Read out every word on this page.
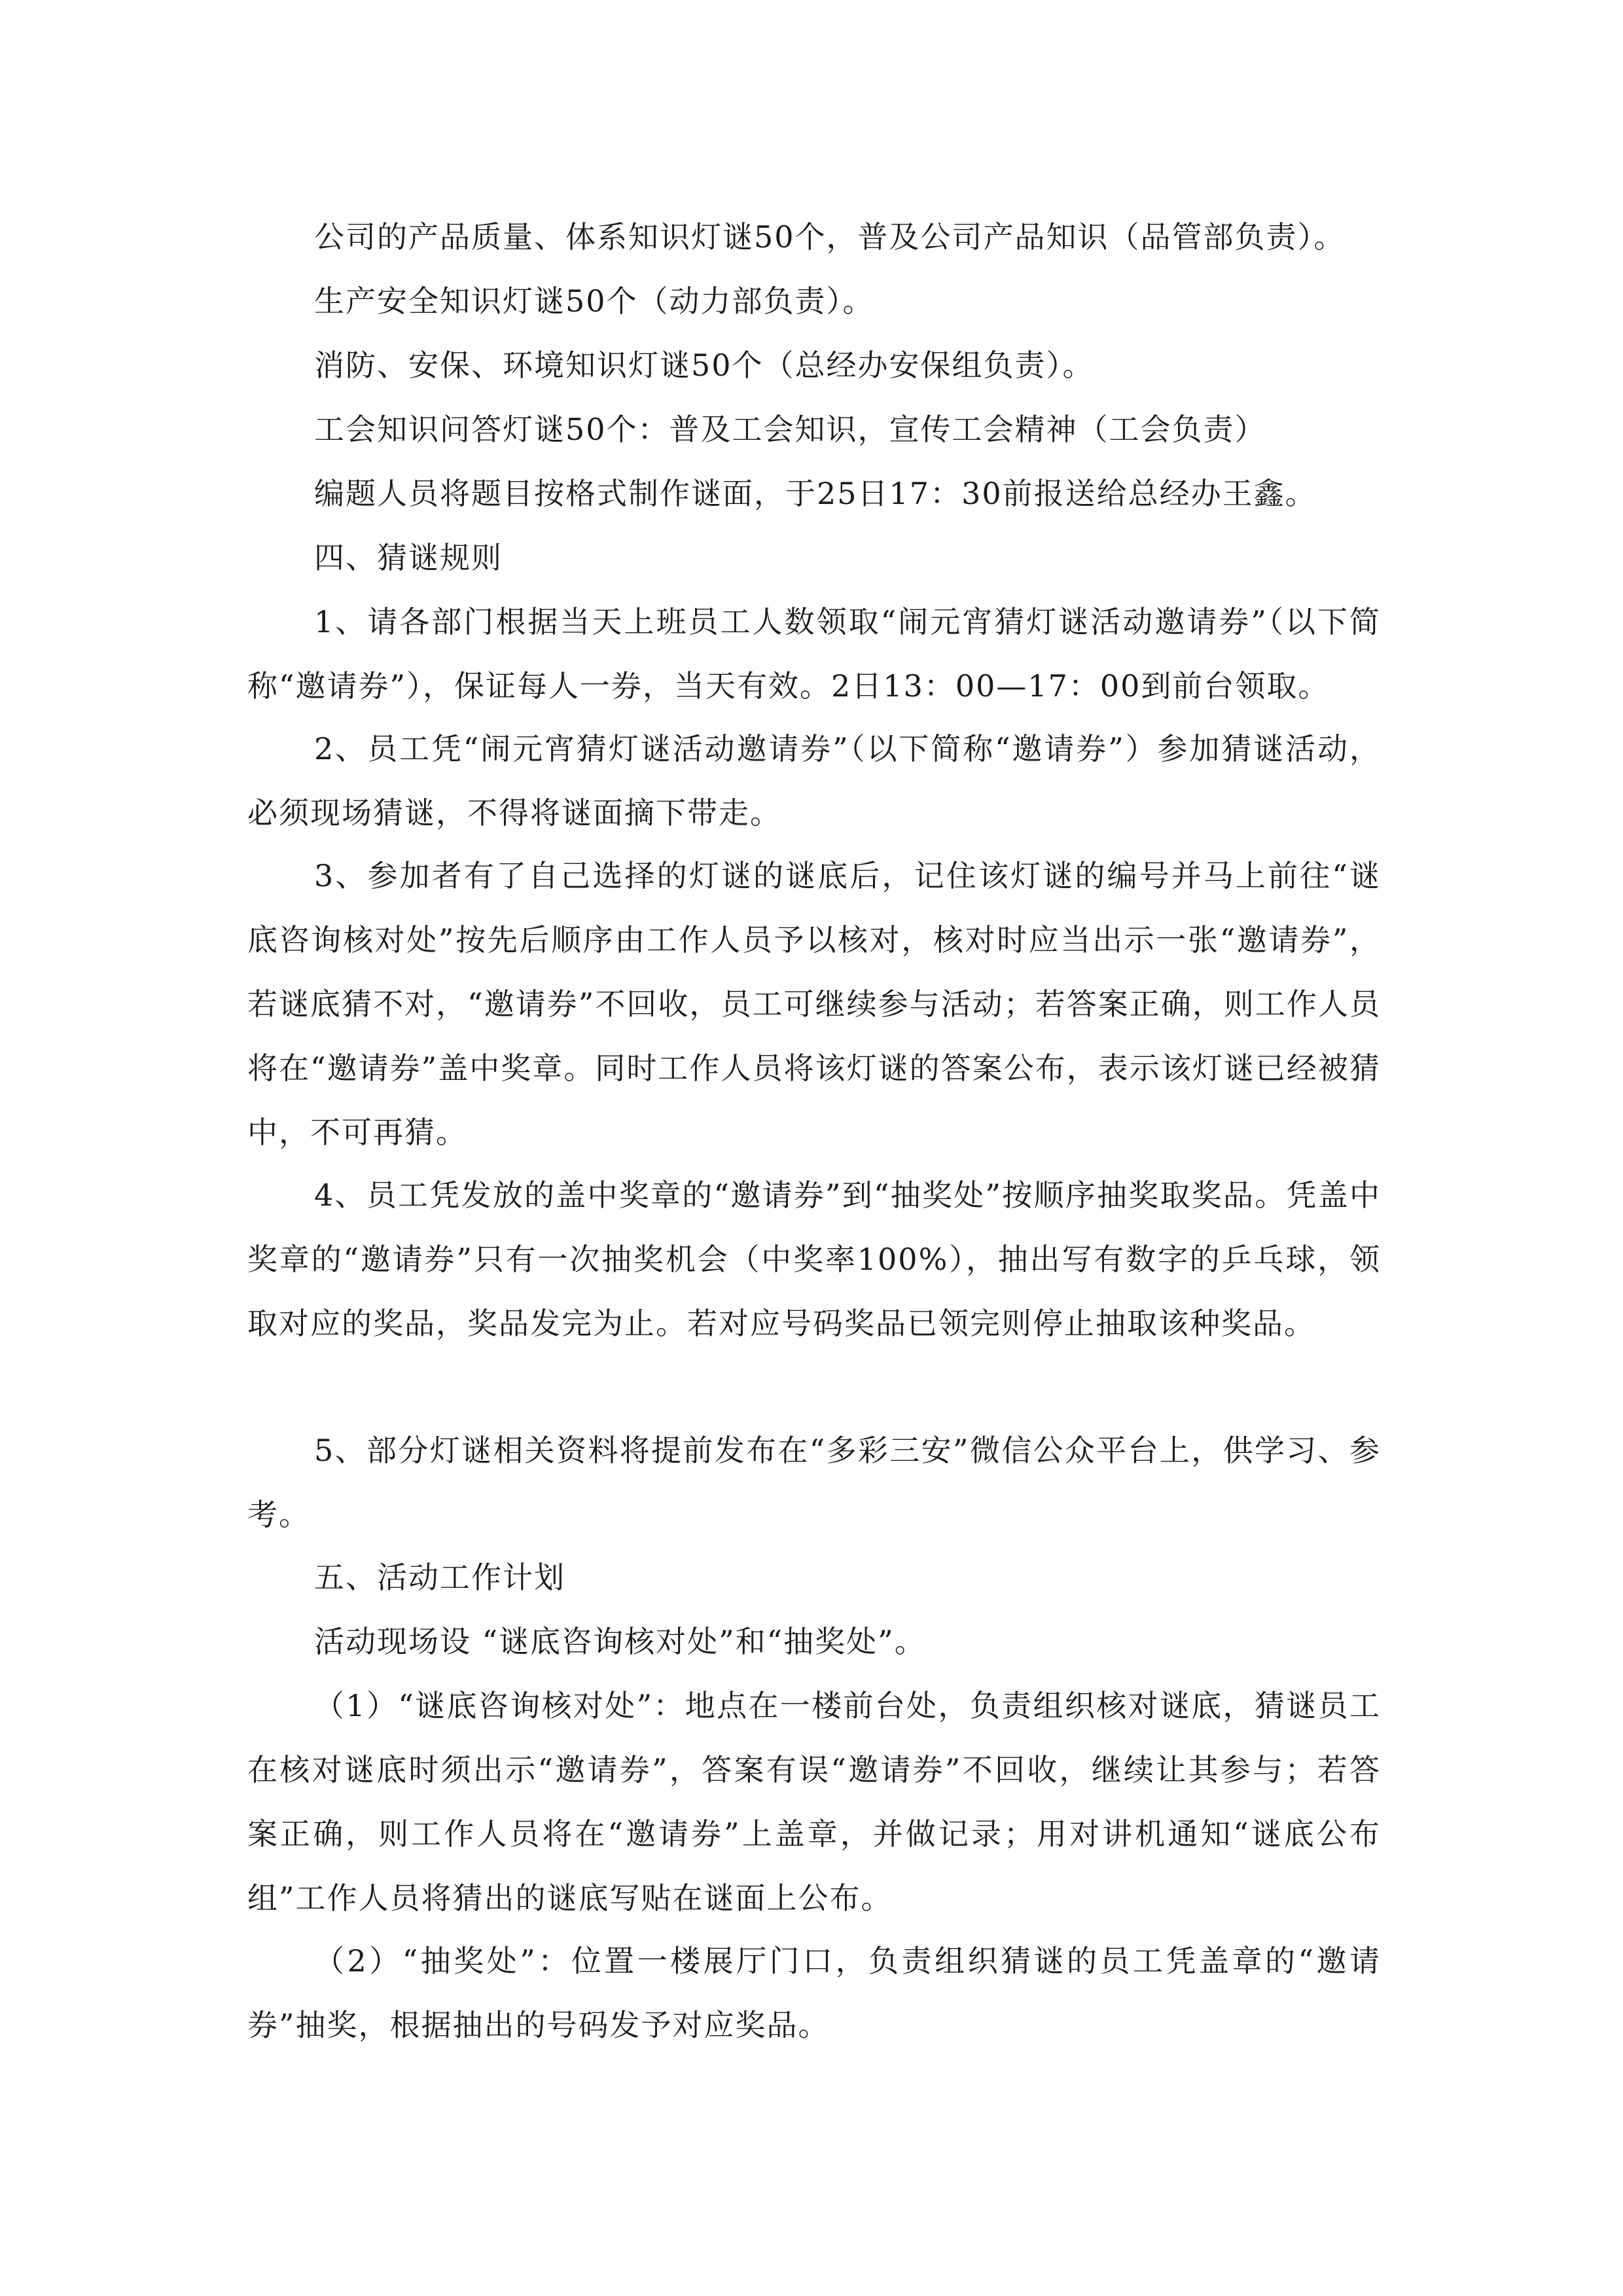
公司的产品质量、体系知识灯谜50个，普及公司产品知识（品管部负责）。

生产安全知识灯谜50个（动力部负责）。

消防、安保、环境知识灯谜50个（总经办安保组负责）。

工会知识问答灯谜50个：普及工会知识，宣传工会精神（工会负责）

编题人员将题目按格式制作谜面，于25日17：30前报送给总经办王鑫。

四、猜谜规则

1、请各部门根据当天上班员工人数领取“闹元宵猜灯谜活动邀请券”（以下简称“邀请券”），保证每人一券，当天有效。2日13：00—17：00到前台领取。

2、员工凭“闹元宵猜灯谜活动邀请券”（以下简称“邀请券”）参加猜谜活动，必须现场猜谜，不得将谜面摘下带走。

3、参加者有了自己选择的灯谜的谜底后，记住该灯谜的编号并马上前往“谜底咨询核对处”按先后顺序由工作人员予以核对，核对时应当出示一张“邀请券”，若谜底猜不对，“邀请券”不回收，员工可继续参与活动；若答案正确，则工作人员将在“邀请券”盖中奖章。同时工作人员将该灯谜的答案公布，表示该灯谜已经被猜中，不可再猜。

4、员工凭发放的盖中奖章的“邀请券”到“抽奖处”按顺序抽奖取奖品。凭盖中奖章的“邀请券”只有一次抽奖机会（中奖率100%），抽出写有数字的乒乓球，领取对应的奖品，奖品发完为止。若对应号码奖品已领完则停止抽取该种奖品。

5、部分灯谜相关资料将提前发布在“多彩三安”微信公众平台上，供学习、参考。

五、活动工作计划

活动现场设 “谜底咨询核对处”和“抽奖处”。

（1）“谜底咨询核对处”：地点在一楼前台处，负责组织核对谜底，猜谜员工在核对谜底时须出示“邀请券”，答案有误“邀请券”不回收，继续让其参与；若答案正确，则工作人员将在“邀请券”上盖章，并做记录；用对讲机通知“谜底公布组”工作人员将猜出的谜底写贴在谜面上公布。

（2）“抽奖处”：位置一楼展厅门口，负责组织猜谜的员工凭盖章的“邀请券”抽奖，根据抽出的号码发予对应奖品。
